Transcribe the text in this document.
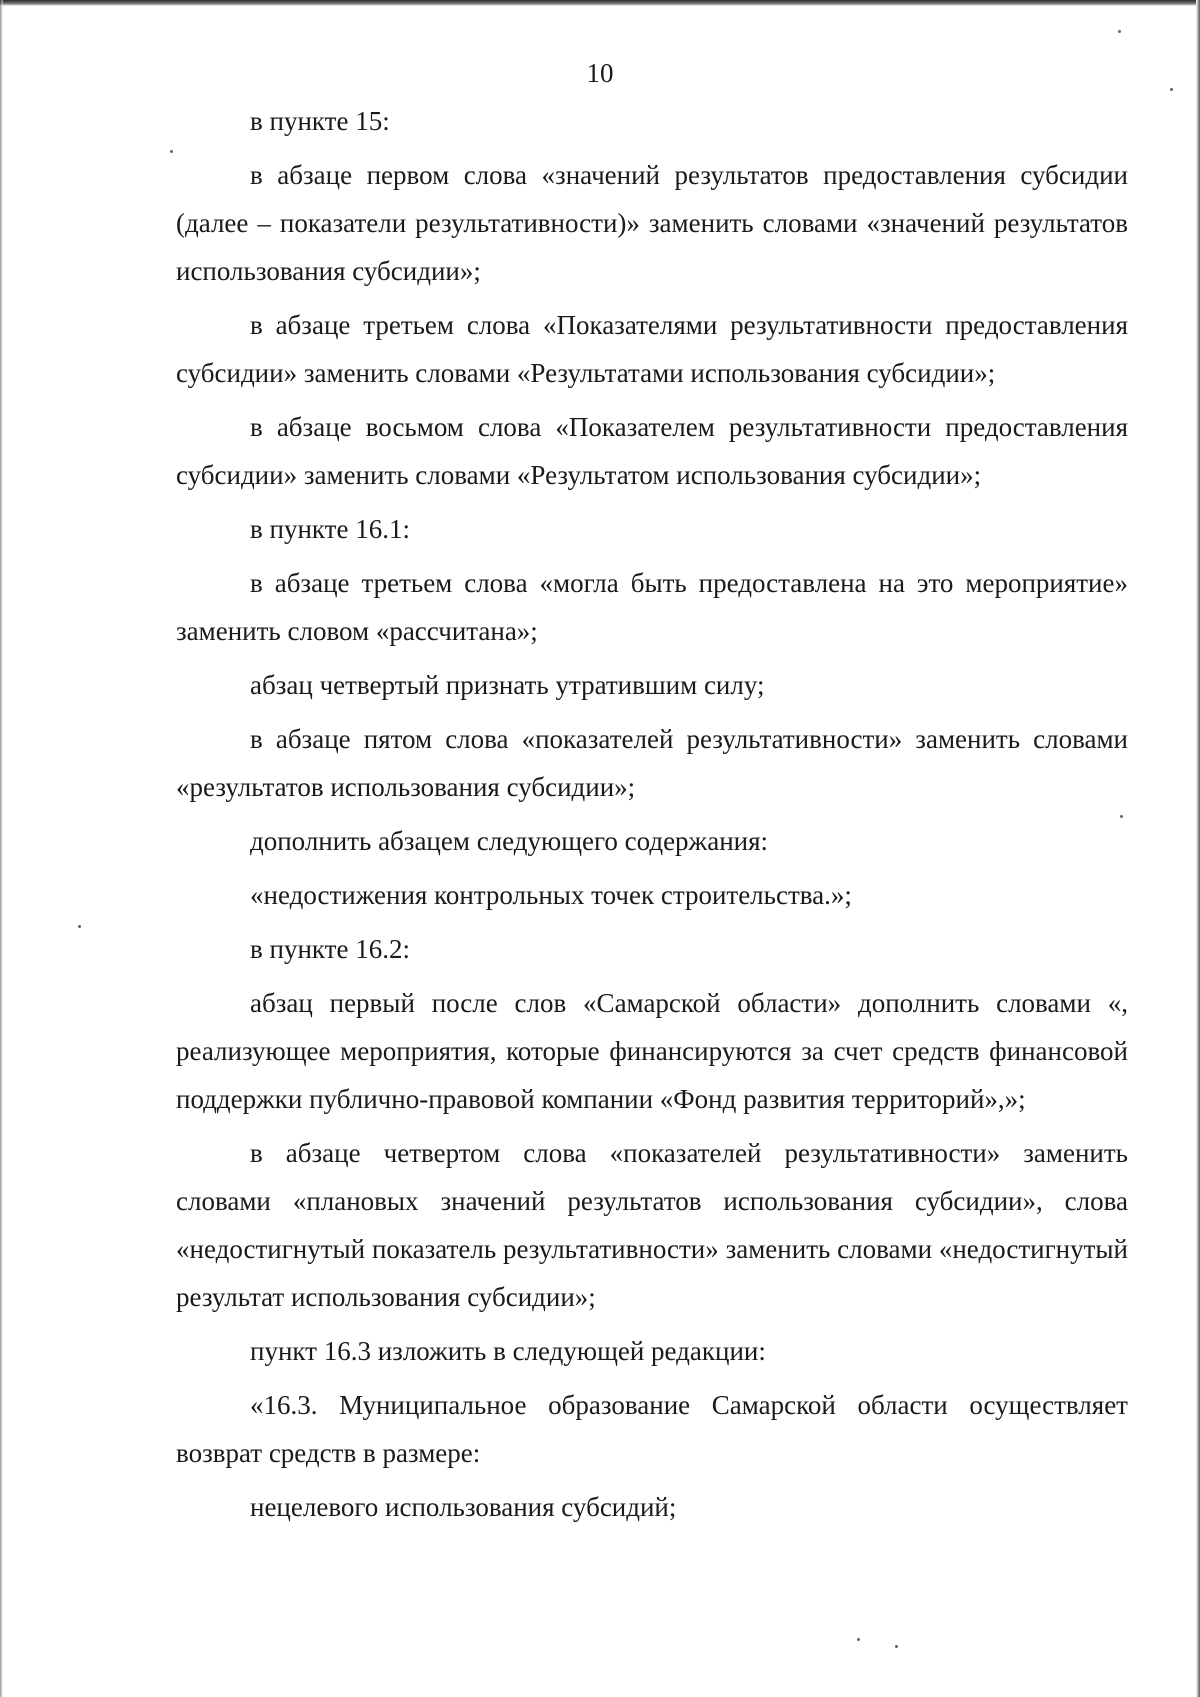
10

в пункте 15:

в абзаце первом слова «значений результатов предоставления субсидии (далее – показатели результативности)» заменить словами «значений результатов использования субсидии»;

в абзаце третьем слова «Показателями результативности предоставления субсидии» заменить словами «Результатами использования субсидии»;

в абзаце восьмом слова «Показателем результативности предоставления субсидии» заменить словами «Результатом использования субсидии»;

в пункте 16.1:

в абзаце третьем слова «могла быть предоставлена на это мероприятие» заменить словом «рассчитана»;

абзац четвертый признать утратившим силу;

в абзаце пятом слова «показателей результативности» заменить словами «результатов использования субсидии»;

дополнить абзацем следующего содержания:

«недостижения контрольных точек строительства.»;

в пункте 16.2:

абзац первый после слов «Самарской области» дополнить словами «, реализующее мероприятия, которые финансируются за счет средств финансовой поддержки публично-правовой компании «Фонд развития территорий»,»;

в абзаце четвертом слова «показателей результативности» заменить словами «плановых значений результатов использования субсидии», слова «недостигнутый показатель результативности» заменить словами «недостигнутый результат использования субсидии»;

пункт 16.3 изложить в следующей редакции:

«16.3. Муниципальное образование Самарской области осуществляет возврат средств в размере:

нецелевого использования субсидий;
